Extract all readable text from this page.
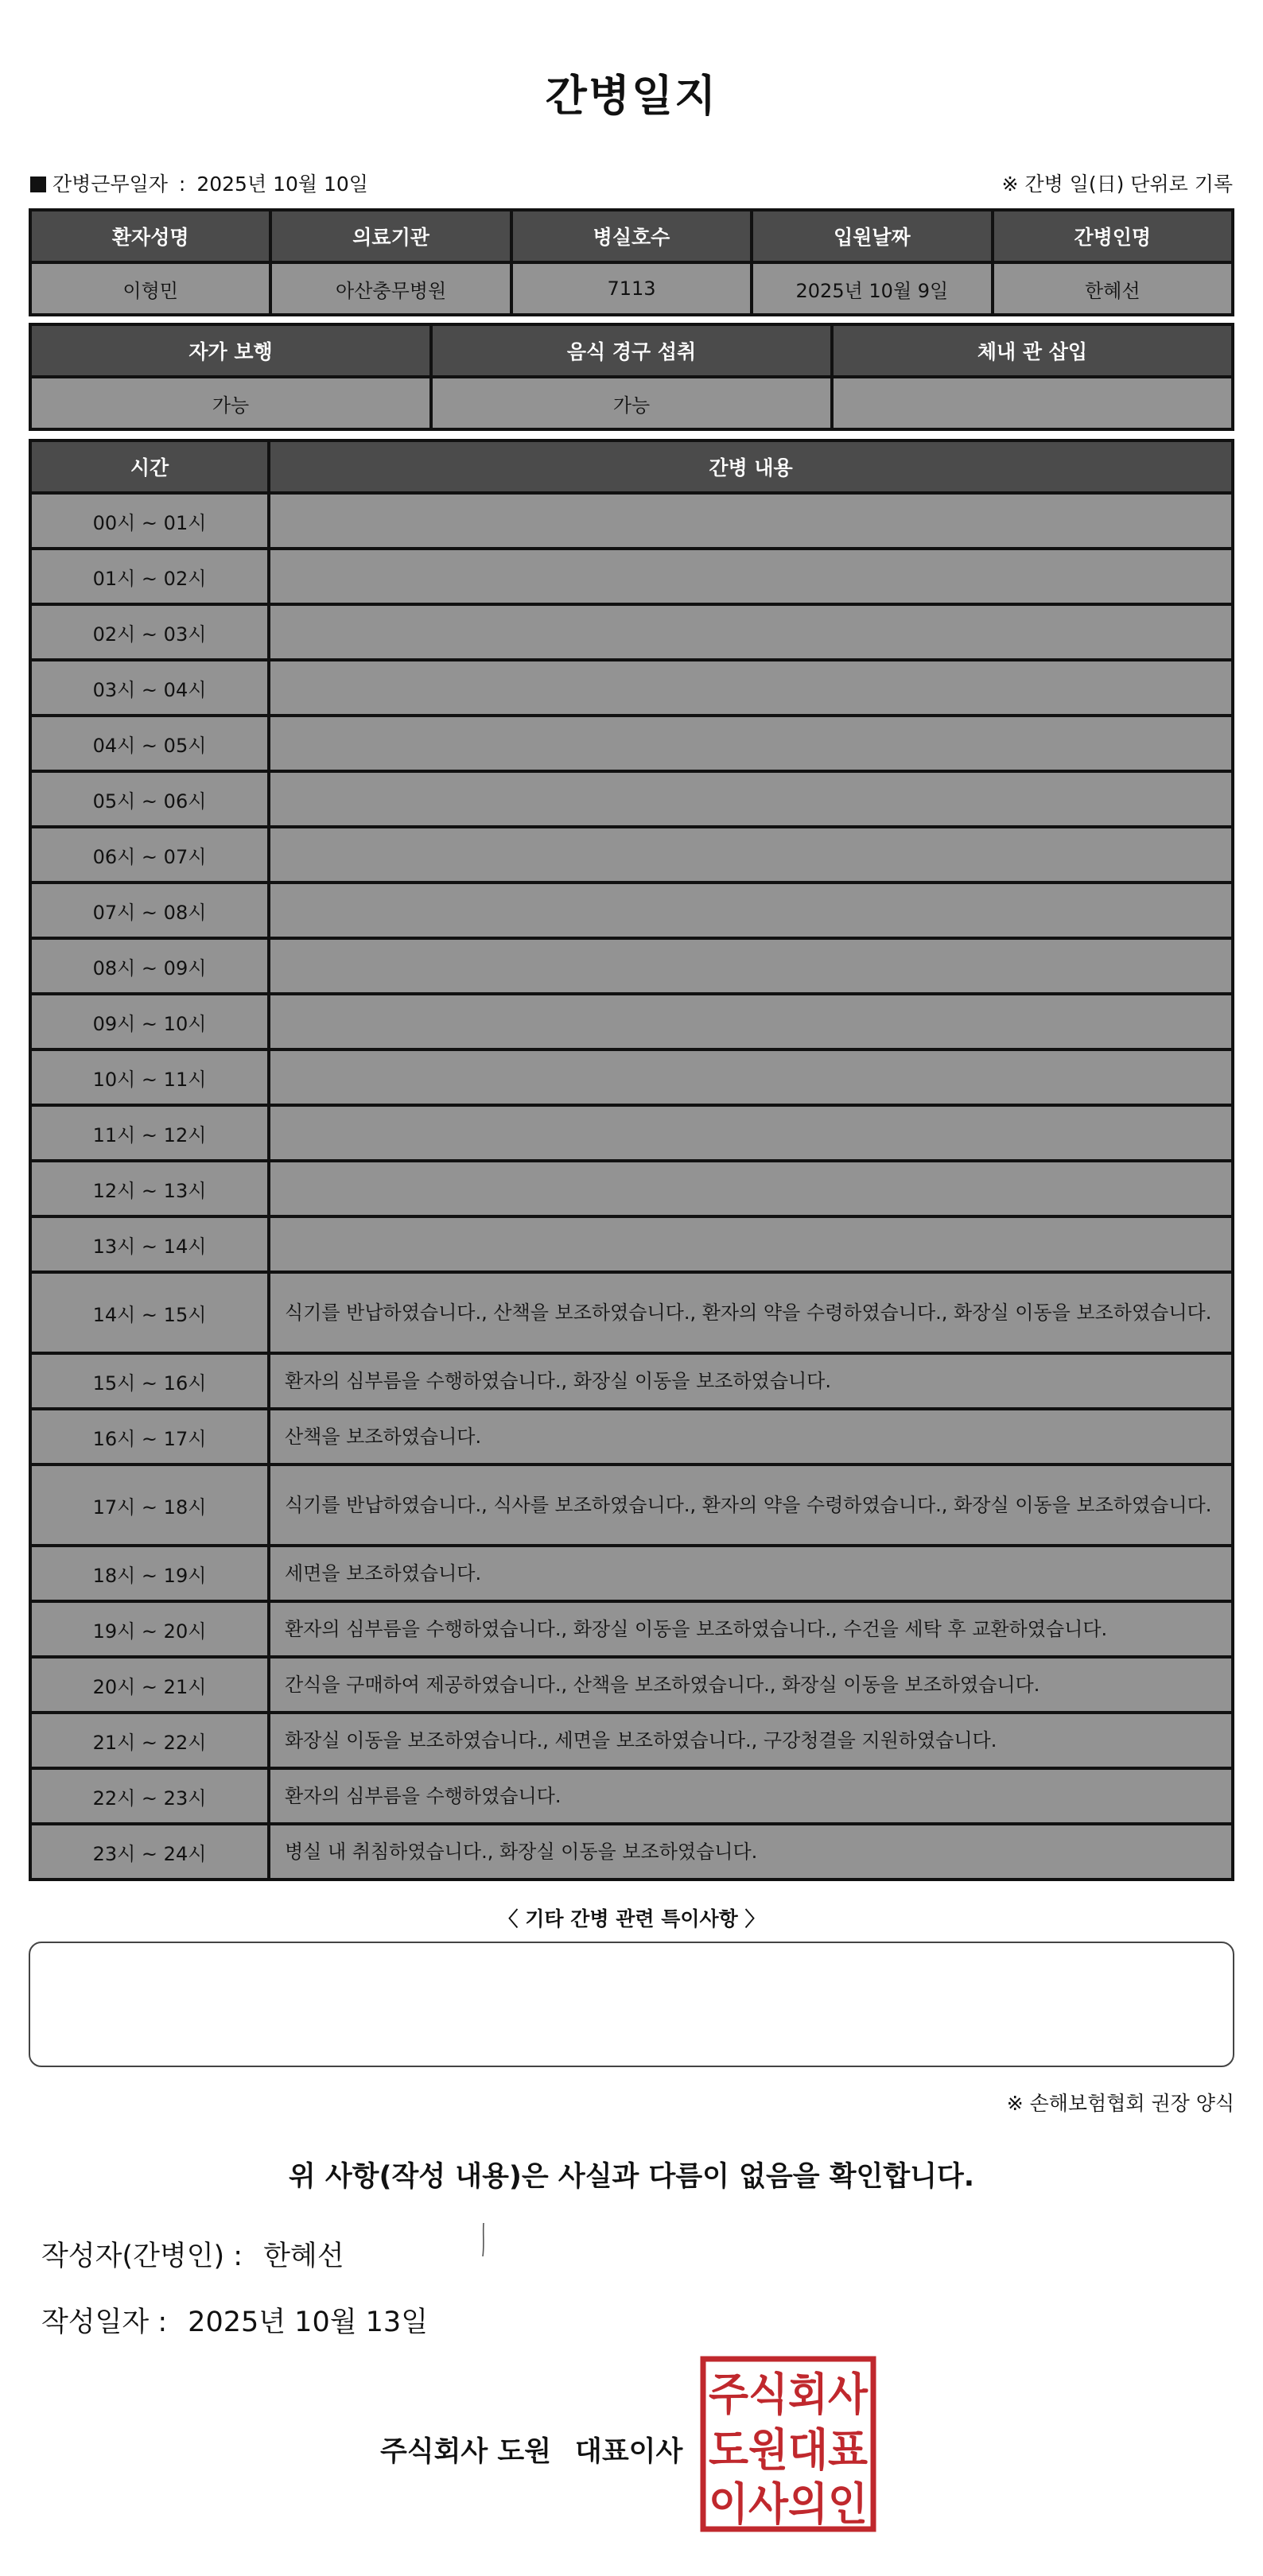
간병일지
간병근무일자 : 2025년 10월 10일	※ 간병 일(日) 단위로 기록
환자성명	의료기관	병실호수	입원날짜	간병인명
이형민	아산충무병원	7113	2025년 10월 9일	한혜선
자가 보행	음식 경구 섭취	체내 관 삽입
가능	가능	
시간	간병 내용
00시 ~ 01시	
01시 ~ 02시	
02시 ~ 03시	
03시 ~ 04시	
04시 ~ 05시	
05시 ~ 06시	
06시 ~ 07시	
07시 ~ 08시	
08시 ~ 09시	
09시 ~ 10시	
10시 ~ 11시	
11시 ~ 12시	
12시 ~ 13시	
13시 ~ 14시	
14시 ~ 15시	식기를 반납하였습니다., 산책을 보조하였습니다., 환자의 약을 수령하였습니다., 화장실 이동을 보조하였습니다.
15시 ~ 16시	환자의 심부름을 수행하였습니다., 화장실 이동을 보조하였습니다.
16시 ~ 17시	산책을 보조하였습니다.
17시 ~ 18시	식기를 반납하였습니다., 식사를 보조하였습니다., 환자의 약을 수령하였습니다., 화장실 이동을 보조하였습니다.
18시 ~ 19시	세면을 보조하였습니다.
19시 ~ 20시	환자의 심부름을 수행하였습니다., 화장실 이동을 보조하였습니다., 수건을 세탁 후 교환하였습니다.
20시 ~ 21시	간식을 구매하여 제공하였습니다., 산책을 보조하였습니다., 화장실 이동을 보조하였습니다.
21시 ~ 22시	화장실 이동을 보조하였습니다., 세면을 보조하였습니다., 구강청결을 지원하였습니다.
22시 ~ 23시	환자의 심부름을 수행하였습니다.
23시 ~ 24시	병실 내 취침하였습니다., 화장실 이동을 보조하였습니다.
〈 기타 간병 관련 특이사항 〉
※ 손해보험협회 권장 양식
위 사항(작성 내용)은 사실과 다름이 없음을 확인합니다.
작성자(간병인) : 한혜선
작성일자 : 2025년 10월 13일
주식회사 도원 대표이사
주식회사
도원대표
이사의인
